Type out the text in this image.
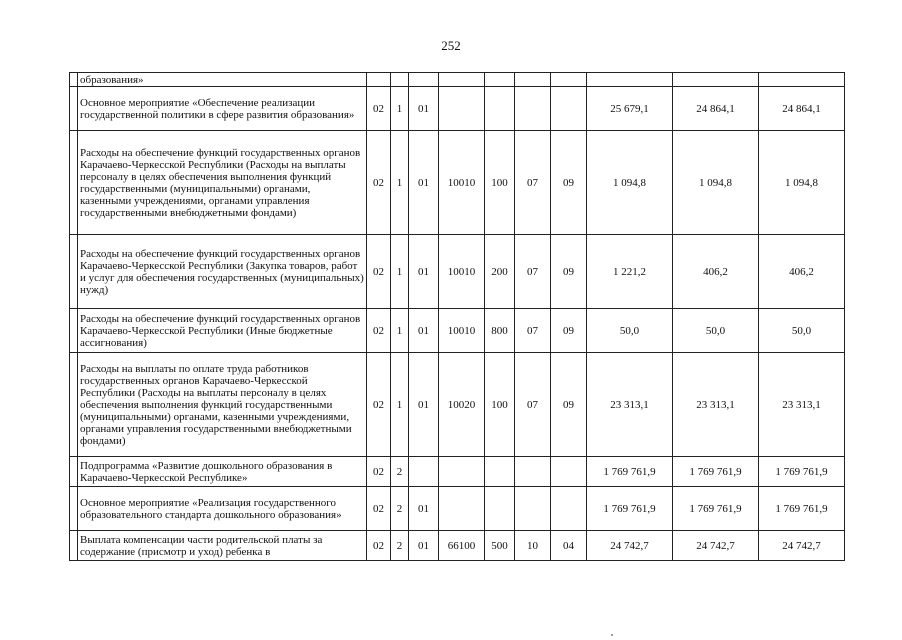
252
	образования»										
	Основное мероприятие «Обеспечение реализации государственной политики в сфере развития образования»	02	1	01					25 679,1	24 864,1	24 864,1
	Расходы на обеспечение функций государственных органов Карачаево-Черкесской Республики (Расходы на выплаты персоналу в целях обеспечения выполнения функций государственными (муниципальными) органами, казенными учреждениями, органами управления государственными внебюджетными фондами)	02	1	01	10010	100	07	09	1 094,8	1 094,8	1 094,8
	Расходы на обеспечение функций государственных органов Карачаево-Черкесской Республики (Закупка товаров, работ и услуг для обеспечения государственных (муниципальных) нужд)	02	1	01	10010	200	07	09	1 221,2	406,2	406,2
	Расходы на обеспечение функций государственных органов Карачаево-Черкесской Республики (Иные бюджетные ассигнования)	02	1	01	10010	800	07	09	50,0	50,0	50,0
	Расходы на выплаты по оплате труда работников государственных органов Карачаево-Черкесской Республики (Расходы на выплаты персоналу в целях обеспечения выполнения функций государственными (муниципальными) органами, казенными учреждениями, органами управления государственными внебюджетными фондами)	02	1	01	10020	100	07	09	23 313,1	23 313,1	23 313,1
	Подпрограмма «Развитие дошкольного образования в Карачаево-Черкесской Республике»	02	2						1 769 761,9	1 769 761,9	1 769 761,9
	Основное мероприятие «Реализация государственного образовательного стандарта дошкольного образования»	02	2	01					1 769 761,9	1 769 761,9	1 769 761,9
	Выплата компенсации части родительской платы за содержание (присмотр и уход) ребенка в	02	2	01	66100	500	10	04	24 742,7	24 742,7	24 742,7
